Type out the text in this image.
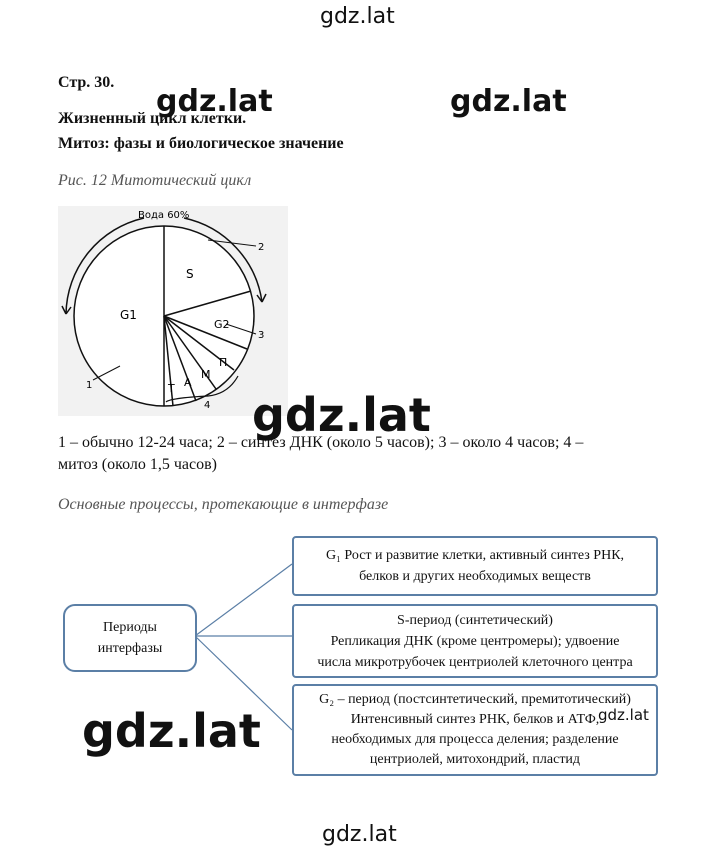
gdz.lat
gdz.lat	gdz.lat
Стр. 30.
Жизненный цикл клетки.
Митоз: фазы и биологическое значение
Рис. 12 Митотический цикл
Вода 60%
S
G1
G2
Т А
М
П
1
2
3
4 gdz.lat
1 – обычно 12-24 часа; 2 – синтез ДНК (около 5 часов); 3 – около 4 часов; 4 –
митоз (около 1,5 часов)
Основные процессы, протекающие в интерфазе
Периоды
интерфазы
G₁ Рост и развитие клетки, активный синтез РНК,
белков и других необходимых веществ
S-период (синтетический)
Репликация ДНК (кроме центромеры); удвоение
числа микротрубочек центриолей клеточного центра
G₂ – период (постсинтетический, премитотический)
Интенсивный синтез РНК, белков и АТФ,
необходимых для процесса деления; разделение
центриолей, митохондрий, пластид
gdz.lat
gdz.lat
gdz.lat
